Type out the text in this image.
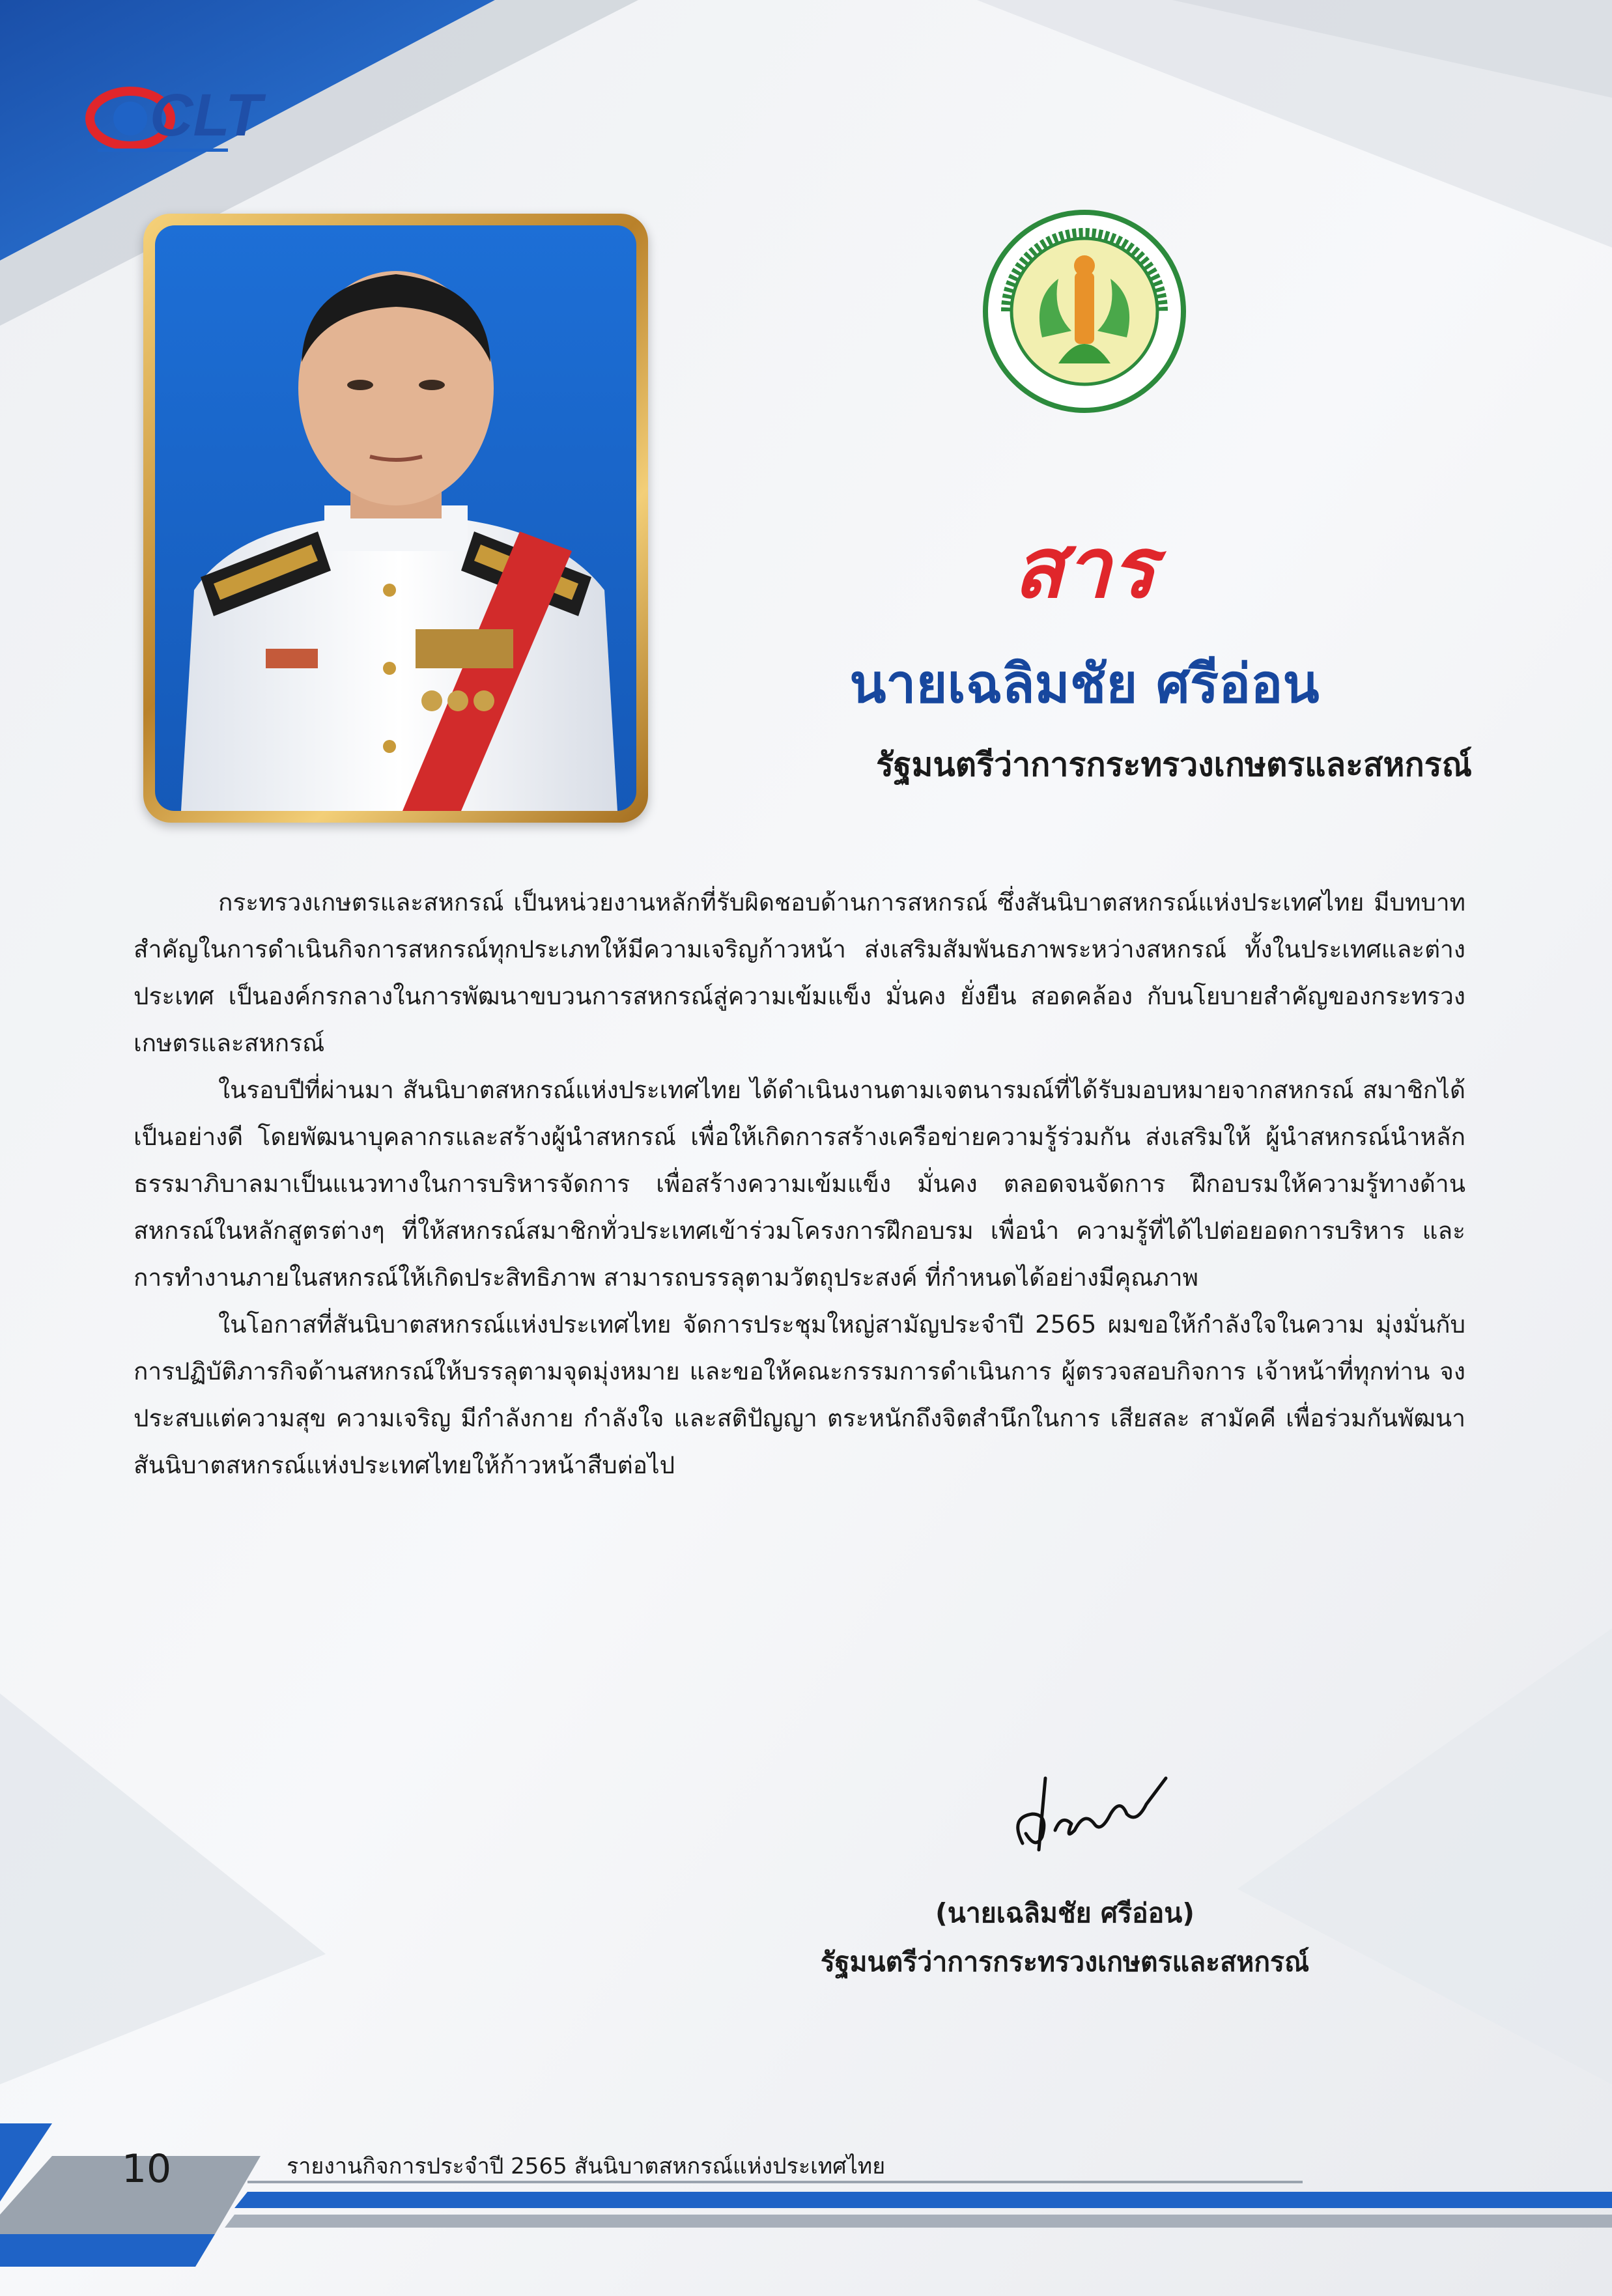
CLT
สาร
นายเฉลิมชัย ศรีอ่อน
รัฐมนตรีว่าการกระทรวงเกษตรและสหกรณ์

กระทรวงเกษตรและสหกรณ์ เป็นหน่วยงานหลักที่รับผิดชอบด้านการสหกรณ์ ซึ่งสันนิบาตสหกรณ์แห่งประเทศไทย มีบทบาทสำคัญในการดำเนินกิจการสหกรณ์ทุกประเภทให้มีความเจริญก้าวหน้า ส่งเสริมสัมพันธภาพระหว่างสหกรณ์ ทั้งในประเทศและต่างประเทศ เป็นองค์กรกลางในการพัฒนาขบวนการสหกรณ์สู่ความเข้มแข็ง มั่นคง ยั่งยืน สอดคล้อง กับนโยบายสำคัญของกระทรวงเกษตรและสหกรณ์

ในรอบปีที่ผ่านมา สันนิบาตสหกรณ์แห่งประเทศไทย ได้ดำเนินงานตามเจตนารมณ์ที่ได้รับมอบหมายจากสหกรณ์ สมาชิกได้เป็นอย่างดี โดยพัฒนาบุคลากรและสร้างผู้นำสหกรณ์ เพื่อให้เกิดการสร้างเครือข่ายความรู้ร่วมกัน ส่งเสริมให้ ผู้นำสหกรณ์นำหลักธรรมาภิบาลมาเป็นแนวทางในการบริหารจัดการ เพื่อสร้างความเข้มแข็ง มั่นคง ตลอดจนจัดการ ฝึกอบรมให้ความรู้ทางด้านสหกรณ์ในหลักสูตรต่างๆ ที่ให้สหกรณ์สมาชิกทั่วประเทศเข้าร่วมโครงการฝึกอบรม เพื่อนำ ความรู้ที่ได้ไปต่อยอดการบริหาร และการทำงานภายในสหกรณ์ให้เกิดประสิทธิภาพ สามารถบรรลุตามวัตถุประสงค์ ที่กำหนดได้อย่างมีคุณภาพ

ในโอกาสที่สันนิบาตสหกรณ์แห่งประเทศไทย จัดการประชุมใหญ่สามัญประจำปี 2565 ผมขอให้กำลังใจในความ มุ่งมั่นกับการปฏิบัติภารกิจด้านสหกรณ์ให้บรรลุตามจุดมุ่งหมาย และขอให้คณะกรรมการดำเนินการ ผู้ตรวจสอบกิจการ เจ้าหน้าที่ทุกท่าน จงประสบแต่ความสุข ความเจริญ มีกำลังกาย กำลังใจ และสติปัญญา ตระหนักถึงจิตสำนึกในการ เสียสละ สามัคคี เพื่อร่วมกันพัฒนาสันนิบาตสหกรณ์แห่งประเทศไทยให้ก้าวหน้าสืบต่อไป

(นายเฉลิมชัย ศรีอ่อน)
รัฐมนตรีว่าการกระทรวงเกษตรและสหกรณ์
10	รายงานกิจการประจำปี 2565 สันนิบาตสหกรณ์แห่งประเทศไทย
